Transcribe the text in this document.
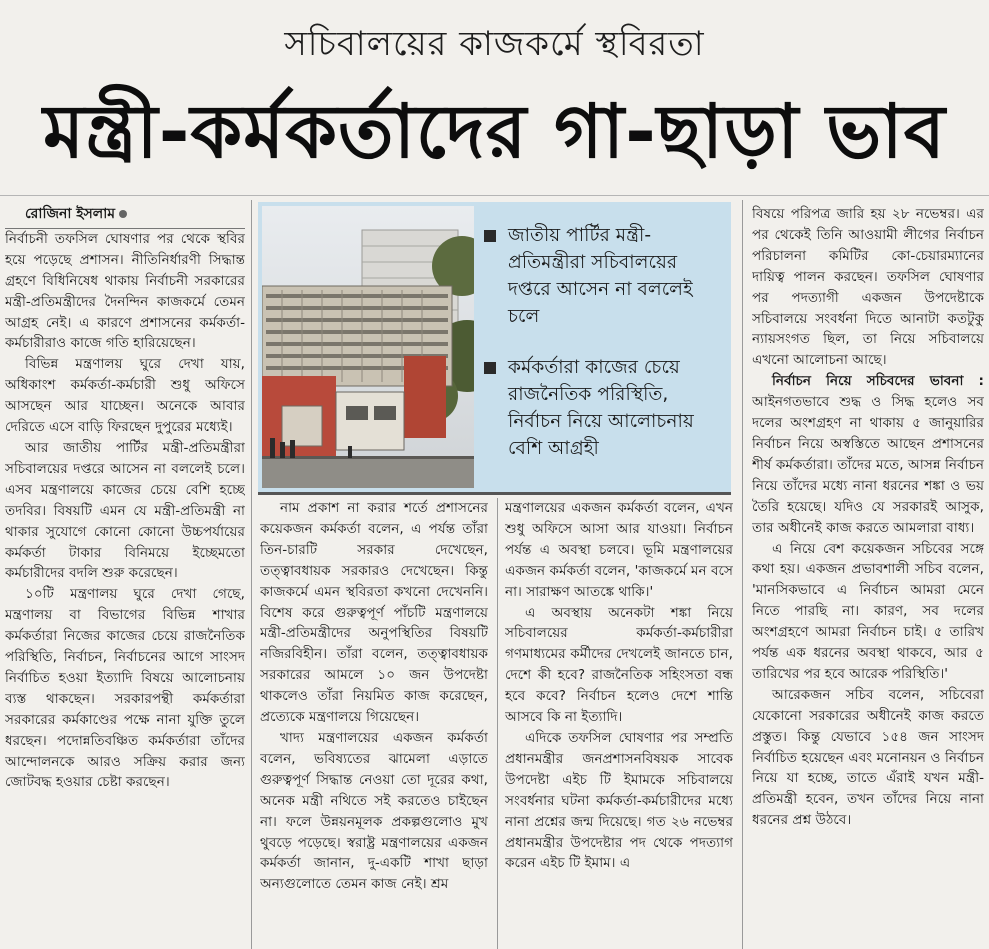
সচিবালয়ের কাজকর্মে স্থবিরতা
মন্ত্রী-কর্মকর্তাদের গা-ছাড়া ভাব

রোজিনা ইসলাম

নির্বাচনী তফসিল ঘোষণার পর থেকে স্থবির হয়ে পড়েছে প্রশাসন। নীতিনির্ধারণী সিদ্ধান্ত গ্রহণে বিধিনিষেধ থাকায় নির্বাচনী সরকারের মন্ত্রী-প্রতিমন্ত্রীদের দৈনন্দিন কাজকর্মে তেমন আগ্রহ নেই। এ কারণে প্রশাসনের কর্মকর্তা-কর্মচারীরাও কাজে গতি হারিয়েছেন।

বিভিন্ন মন্ত্রণালয় ঘুরে দেখা যায়, অধিকাংশ কর্মকর্তা-কর্মচারী শুধু অফিসে আসছেন আর যাচ্ছেন। অনেকে আবার দেরিতে এসে বাড়ি ফিরছেন দুপুরের মধ্যেই।

আর জাতীয় পার্টির মন্ত্রী-প্রতিমন্ত্রীরা সচিবালয়ের দপ্তরে আসেন না বললেই চলে। এসব মন্ত্রণালয়ে কাজের চেয়ে বেশি হচ্ছে তদবির। বিষয়টি এমন যে মন্ত্রী-প্রতিমন্ত্রী না থাকার সুযোগে কোনো কোনো উচ্চপর্যায়ের কর্মকর্তা টাকার বিনিময়ে ইচ্ছেমতো কর্মচারীদের বদলি শুরু করেছেন।

১০টি মন্ত্রণালয় ঘুরে দেখা গেছে, মন্ত্রণালয় বা বিভাগের বিভিন্ন শাখার কর্মকর্তারা নিজের কাজের চেয়ে রাজনৈতিক পরিস্থিতি, নির্বাচন, নির্বাচনের আগে সাংসদ নির্বাচিত হওয়া ইত্যাদি বিষয়ে আলোচনায় ব্যস্ত থাকছেন। সরকারপন্থী কর্মকর্তারা সরকারের কর্মকাণ্ডের পক্ষে নানা যুক্তি তুলে ধরছেন। পদোন্নতিবঞ্চিত কর্মকর্তারা তাঁদের আন্দোলনকে আরও সক্রিয় করার জন্য জোটবদ্ধ হওয়ার চেষ্টা করছেন।

জাতীয় পার্টির মন্ত্রী-প্রতিমন্ত্রীরা সচিবালয়ের দপ্তরে আসেন না বললেই চলে
কর্মকর্তারা কাজের চেয়ে রাজনৈতিক পরিস্থিতি, নির্বাচন নিয়ে আলোচনায় বেশি আগ্রহী

নাম প্রকাশ না করার শর্তে প্রশাসনের কয়েকজন কর্মকর্তা বলেন, এ পর্যন্ত তাঁরা তিন-চারটি সরকার দেখেছেন, তত্ত্বাবধায়ক সরকারও দেখেছেন। কিন্তু কাজকর্মে এমন স্থবিরতা কখনো দেখেননি। বিশেষ করে গুরুত্বপূর্ণ পাঁচটি মন্ত্রণালয়ে মন্ত্রী-প্রতিমন্ত্রীদের অনুপস্থিতির বিষয়টি নজিরবিহীন। তাঁরা বলেন, তত্ত্বাবধায়ক সরকারের আমলে ১০ জন উপদেষ্টা থাকলেও তাঁরা নিয়মিত কাজ করেছেন, প্রত্যেকে মন্ত্রণালয়ে গিয়েছেন।

খাদ্য মন্ত্রণালয়ের একজন কর্মকর্তা বলেন, ভবিষ্যতের ঝামেলা এড়াতে গুরুত্বপূর্ণ সিদ্ধান্ত নেওয়া তো দূরের কথা, অনেক মন্ত্রী নথিতে সই করতেও চাইছেন না। ফলে উন্নয়নমূলক প্রকল্পগুলোও মুখ থুবড়ে পড়েছে। স্বরাষ্ট্র মন্ত্রণালয়ের একজন কর্মকর্তা জানান, দু-একটি শাখা ছাড়া অন্যগুলোতে তেমন কাজ নেই। শ্রম

মন্ত্রণালয়ের একজন কর্মকর্তা বলেন, এখন শুধু অফিসে আসা আর যাওয়া। নির্বাচন পর্যন্ত এ অবস্থা চলবে। ভূমি মন্ত্রণালয়ের একজন কর্মকর্তা বলেন, 'কাজকর্মে মন বসে না। সারাক্ষণ আতঙ্কে থাকি।'

এ অবস্থায় অনেকটা শঙ্কা নিয়ে সচিবালয়ের কর্মকর্তা-কর্মচারীরা গণমাধ্যমের কর্মীদের দেখলেই জানতে চান, দেশে কী হবে? রাজনৈতিক সহিংসতা বন্ধ হবে কবে? নির্বাচন হলেও দেশে শান্তি আসবে কি না ইত্যাদি।

এদিকে তফসিল ঘোষণার পর সম্প্রতি প্রধানমন্ত্রীর জনপ্রশাসনবিষয়ক সাবেক উপদেষ্টা এইচ টি ইমামকে সচিবালয়ে সংবর্ধনার ঘটনা কর্মকর্তা-কর্মচারীদের মধ্যে নানা প্রশ্নের জন্ম দিয়েছে। গত ২৬ নভেম্বর প্রধানমন্ত্রীর উপদেষ্টার পদ থেকে পদত্যাগ করেন এইচ টি ইমাম। এ

বিষয়ে পরিপত্র জারি হয় ২৮ নভেম্বর। এর পর থেকেই তিনি আওয়ামী লীগের নির্বাচন পরিচালনা কমিটির কো-চেয়ারম্যানের দায়িত্ব পালন করছেন। তফসিল ঘোষণার পর পদত্যাগী একজন উপদেষ্টাকে সচিবালয়ে সংবর্ধনা দিতে আনাটা কতটুকু ন্যায়সংগত ছিল, তা নিয়ে সচিবালয়ে এখনো আলোচনা আছে।

নির্বাচন নিয়ে সচিবদের ভাবনা : আইনগতভাবে শুদ্ধ ও সিদ্ধ হলেও সব দলের অংশগ্রহণ না থাকায় ৫ জানুয়ারির নির্বাচন নিয়ে অস্বস্তিতে আছেন প্রশাসনের শীর্ষ কর্মকর্তারা। তাঁদের মতে, আসন্ন নির্বাচন নিয়ে তাঁদের মধ্যে নানা ধরনের শঙ্কা ও ভয় তৈরি হয়েছে। যদিও যে সরকারই আসুক, তার অধীনেই কাজ করতে আমলারা বাধ্য।

এ নিয়ে বেশ কয়েকজন সচিবের সঙ্গে কথা হয়। একজন প্রভাবশালী সচিব বলেন, 'মানসিকভাবে এ নির্বাচন আমরা মেনে নিতে পারছি না। কারণ, সব দলের অংশগ্রহণে আমরা নির্বাচন চাই। ৫ তারিখ পর্যন্ত এক ধরনের অবস্থা থাকবে, আর ৫ তারিখের পর হবে আরেক পরিস্থিতি।'

আরেকজন সচিব বলেন, সচিবেরা যেকোনো সরকারের অধীনেই কাজ করতে প্রস্তুত। কিন্তু যেভাবে ১৫৪ জন সাংসদ নির্বাচিত হয়েছেন এবং মনোনয়ন ও নির্বাচন নিয়ে যা হচ্ছে, তাতে এঁরাই যখন মন্ত্রী-প্রতিমন্ত্রী হবেন, তখন তাঁদের নিয়ে নানা ধরনের প্রশ্ন উঠবে।
